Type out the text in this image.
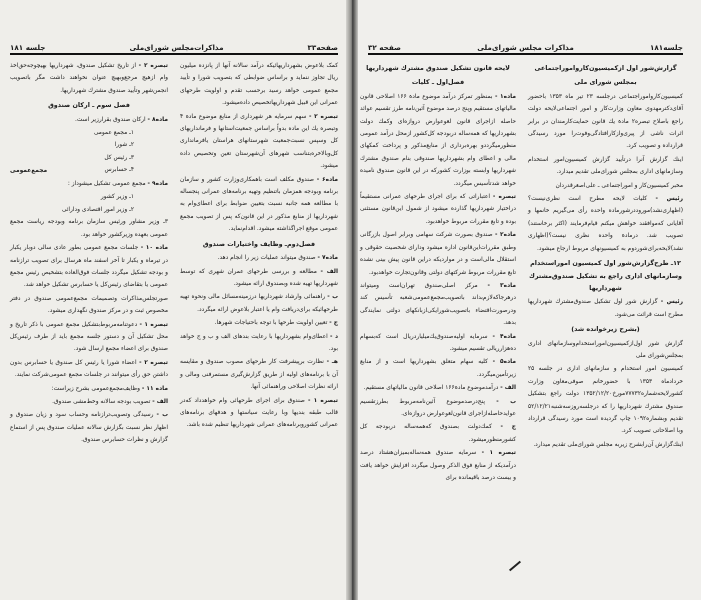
صفحه۳۳
مذاکرات‌مجلس شورای‌ملی
جلسه ۱۸۱

کمک بلاعوض بشهرداریهائیکه درآمد سالانه آنها از پانزده میلیون ریال تجاوز ننماید و براساس ضوابطی که بتصویب شورا و تأیید مجمع عمومی خواهد رسید برحسب تقدم و اولویت طرحهای عمرانی این قبیل شهرداریهاتخصیص داده‌میشود.

تبصره ۲ - سهم سرمایه هر شهرداری از منابع موضوع مادة ۴ وتبصره یك این ماده بدواً براساس جمعیت‌استانها و فرمانداریهای کل وسپس نسبت‌جمعیت شهرستانهای هراستان یافرمانداری کل‌وبالاخره‌بتناسب شهرهای آن‌شهرستان تعین وتخصیص داده میشود.

ماده۶ - صندوق مکلف است باهمکاری‌وزارت کشور و سازمان برنامه وبودجه همزمان باتنظیم وتهیه برنامه‌های عمرانی پنجساله با مطالعه همه جانبه نسبت بتعیین ضوابط برای اعطای‌وام به شهرداریها از منابع مذکور در این قانون‌که پس از تصویب مجمع عمومی موقع اجراگذاشته میشود. اقدام‌نماید.

فصل‌دوم‌ـ وظایف واختیارات صندوق

ماده۷ - صندوق میتواند عملیات زیر را انجام دهد.

الف - مطالعه و بررسی طرحهای عمران شهری که توسط شهرداریها تهیه شده وبصندوق ارائه میشود.

ب - راهنمائی وارشاد شهرداریها درزمینه‌مسائل مالی ونحوه تهیه طرحهائیکه برای‌دریافت وام یا اعتبار بلاعوض ارائه میگردد.

ج - تعیین اولویت طرحها با توجه باحتیاجات شهرها.

د - اعطای‌وام بشهرداریها با رعایت بندهای الف و ب و ج خواهد بود.

هـ - نظارت برپیشرفت کار طرحهای مصوب صندوق و مقایسه آن با برنامه‌های اولیه از طریق گزارش‌گیری مستمرفنی ومالی و ارائه نظرات اصلاحی وراهنمائی آنها.

تبصره ۱ - صندوق برای اجرای طرحهائی وام خواهدداد که‌در قالب طبقه بندیها وبا رعایت سیاستها و هدفهای برنامه‌های عمرانی کشوروبرنامه‌های عمرانی شهرداریها تنظیم شده باشد.

تبصره ۲ - از تاریخ تشکیل صندوق، شهرداریها بهیچوجه‌حق‌اخذ وام ازهیچ مرجع‌وبهیچ عنوان نخواهند داشت مگر باتصویب انجمن‌شهر وتأیید صندوق مشترك شهرداریها.

فصل سوم ـ ارکان صندوق

ماده۸ - ارکان صندوق بقرارزیر است.

۱ـ مجمع عمومی
۲ـ شورا
۳ـ رئیس کل
۴ـ حسابرس

مجمع‌عمومی

ماده۹ - مجمع عمومی تشکیل میشوداز :

۱ـ وزیر کشور
۲ـ وزیر امور اقتصادی ودارائی

۳ـ وزیر مشاور ورئیس سازمان برنامه وبودجه ریاست مجمع عمومی بعهده وزیرکشور خواهد بود.

ماده ۱۰ - جلسات مجمع عمومی بطور عادی سالی دوبار یکبار در تیرماه و یکبار تا آخر اسفند ماه هرسال برای تصویب ترازنامه و بودجه تشکیل میگردد جلسات فوق‌العاده بتشخیص رئیس مجمع عمومی یا بتقاضای رئیس‌کل یا حسابرس تشکیل خواهد شد.

صورتجلس‌مذاکرات وتصمیمات مجمع‌عمومی صندوق در دفتر مخصوص ثبت و در مرکز صندوق نگهداری میشود.

تبصره ۱ - دعوتنامه‌مربوط‌بتشکیل مجمع عمومی با ذکر تاریخ و محل تشکیل آن و دستور جلسه مجمع باید از طرف رئیس‌کل صندوق برای اعضاء مجمع ارسال شود.

تبصره ۲ - اعضاء شورا یا رئیس کل صندوق یا حسابرس بدون داشتن حق رأی میتوانند در جلسات مجمع عمومی‌شرکت نمایند.

ماده ۱۱ - وظایف‌مجمع‌عمومی بشرح زیراست:

الف - تصویب بودجه سالانه وخط‌مشی صندوق.

ب - رسیدگی وتصویب‌ترازنامه وحساب سود و زیان صندوق و اظهار نظر نسبت بگزارش سالانه عملیات صندوق پس از استماع گزارش و نظرات حسابرس صندوق.

جلسه۱۸۱
مذاکرات مجلس شورای‌ملی
صفحه ۳۲

گزارش‌شور اول ازکمیسیون‌کاروامور‌اجتماعی

بمجلس شورای ملی

کمیسیون‌کاروامور‌اجتماعی درجلسه ۲۳ تیر ماه ۱۳۵۳ باحضور آقای‌دکترمهدوی معاون وزارت‌کار و امور اجتماعی‌لایحه دولت راجع باصلاح تبصره۲ مادة یك قانون حمایت‌کارمندان در برابر اثرات ناشی از پیری‌وازکارافتادگی‌وفوت‌را مورد رسیدگی قرارداده و تصویب کرد.

اینك گزارش آنرا درتأیید گزارش کمیسیون‌امور استخدام وسازمانهای اداری بمجلس شورای‌ملی تقدیم میدارد.

مخبر کمیسیون‌کار و امور‌اجتماعی ـ علی‌اصغرقدردان

رئیس - کلیات لایحه مطرح است نظری‌نیست؟ (اظهاری‌نشد)موروددرشورماده واحده رأی می‌گیریم خانمها و آقایانی که‌موافقند خواهش میکنم قیام‌فرمایند (اکثر برخاستند) تصویب شد. درمادة واحده نظری نیست؟(اظهاری نشد)لایحه‌برای‌شوردوم به کمیسیونهای مربوط ارجاع میشود.

۱۲ـ طرح‌گزارش‌شور اول کمیسیون امور‌استخدام وسازمانهای اداری راجع به تشکیل صندوق‌مشترك شهرداریها

رئیس - گزارش شور اول تشکیل صندوق‌مشترك شهرداریها مطرح است قرائت می‌شود.

(بشرح زیرخوانده شد)

گزارش شور اول‌ازکمیسیون‌امور‌استخدام‌وسازمانهای اداری بمجلس‌شورای ملی

کمیسیون امور استخدام و سازمانهای اداری در جلسه ۲۵ خردادماه ۱۳۵۳ با حضورخانم صوفی‌معاون وزارت کشورلایحه‌شماره۷۷۷۳۲مورخ۱۳۵۲/۱۲/۲۰ دولت راجع بتشکیل صندوق مشترك شهرداریها را که درجلسه‌روزسه‌شنبه۵۲/۱۲/۲۱ تقدیم وبشماره۱۰۹۲ چاپ گردیده است مورد رسیدگی قرارداد وبا اصلاحاتی تصویب کرد.

اینك‌گزارش آن‌رابشرح زیربه مجلس شورای‌ملی تقدیم میدارد.

لایحه قانون تشکیل صندوق مشترك شهرداریها

فصل‌اول ـ کلیات

ماده۱ - بمنظور تمرکز درآمد موضوع مادة ۱۶۶ اصلاحی قانون مالیاتهای مستقیم وپنج درصد موضوع آئین‌نامه طرز تقسیم عوائد حاصله ازاجرای قانون لغوعوارض دروازه‌ای وکمك دولت بشهرداریها که همه‌ساله دربودجه کل‌کشور ازمحل درآمد عمومی منظورمیگرددو بهره‌برداری از منابع‌مذکور و پرداخت کمکهای مالی و اعطای وام بشهرداریها صندوقی بنام صندوق مشترك شهرداریها وابسته بوزارت کشورکه در این قانون صندوق نامیده خواهد شدتأسیس میگردد.

تبصره - اعتباراتی که برای اجرای طرحهای عمرانی مستقیماً دراختیار شهرداریها گذارده میشود از شمول این‌قانون مستثنی بوده و تابع مقررات مربوط خواهدبود.

ماده۲ - صندوق بصورت شرکت سهامی وبرابر اصول بازرگانی وطبق مقررات‌این‌قانون اداره میشود ودارای شخصیت حقوقی و استقلال مالی‌است و در مواردیکه دراین قانون پیش بینی نشده تابع مقررات مربوط شرکتهای دولتی وقانون‌تجارت خواهدبود.

ماده۳ - مرکز اصلی‌صندوق تهران‌است ومیتواند درهرجاکه‌لازم‌بداند باتصویب‌مجمع‌عمومی‌شعبه تأسیس کند ودرصورت‌اقتضاء باتصویب‌شورایکی‌ازبانکهای دولتی نمایندگی بدهد.

ماده۴ - سرمایه اولیه‌صندوق‌یك‌میلیارد‌ریال است که‌بسهام ده‌هزارریالی تقسیم میشود.

ماده۵ - کلیه سهام متعلق بشهرداریها است و از منابع زیرتأمین‌میگردد.

الف - درآمدموضوع مادة۱۶۶ اصلاحی قانون مالیاتهای مستقیم.

ب - پنج‌درصدموضوع آئین‌نامه‌مربوط بطرزتقسیم عوایدحاصله‌ازاجرای قانون‌لغوعوارض دروازه‌ای.

ج - کمك‌دولت بصندوق که‌همه‌ساله دربودجه کل کشورمنظورمیشود.

تبصره ۱ - سرمایه صندوق همه‌ساله‌بمیزان‌هشتاد درصد درآمدیکه از منابع فوق الذکر وصول میگردد افزایش خواهد یافت و بیست درصد باقیمانده برای
